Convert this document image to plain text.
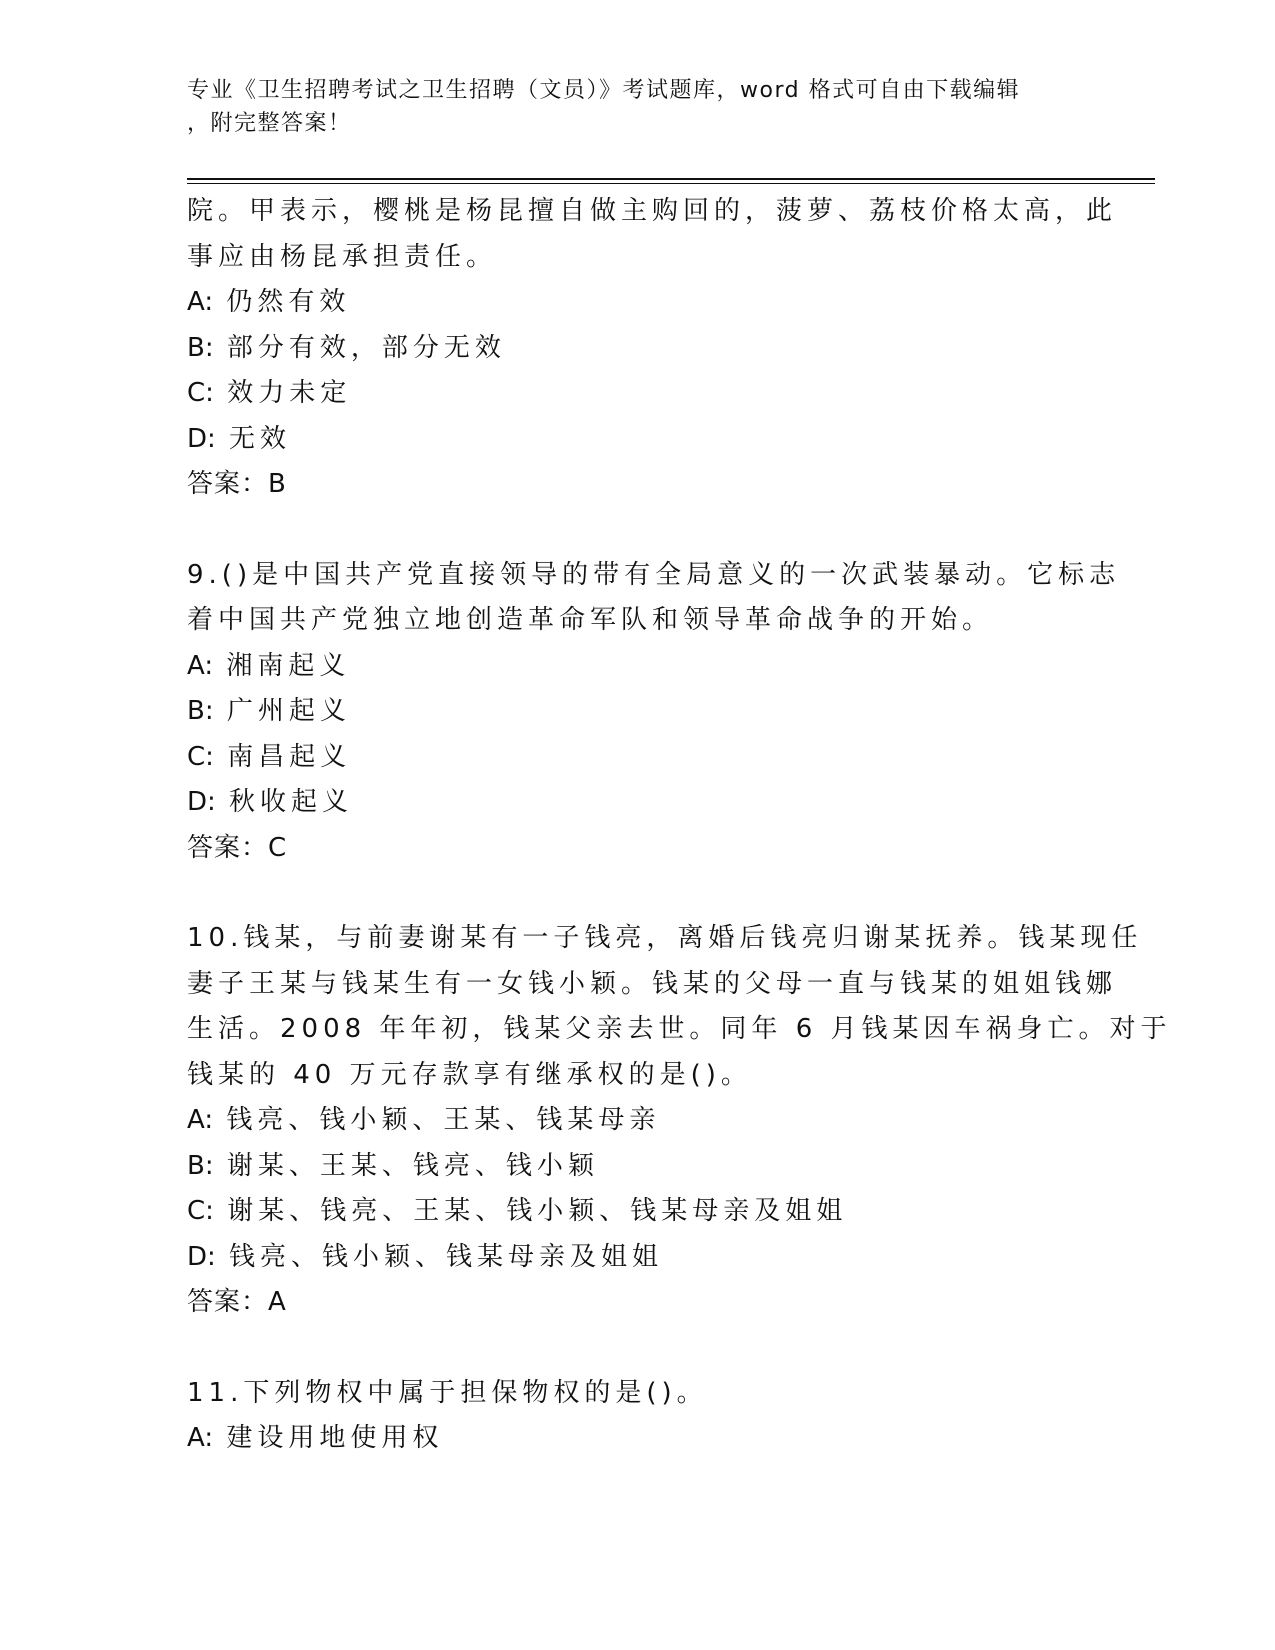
专业《卫生招聘考试之卫生招聘（文员）》考试题库，word 格式可自由下载编辑
，附完整答案！
院。甲表示，樱桃是杨昆擅自做主购回的，菠萝、荔枝价格太高，此
事应由杨昆承担责任。
A: 仍然有效
B: 部分有效，部分无效
C: 效力未定
D: 无效
答案：B
9.()是中国共产党直接领导的带有全局意义的一次武装暴动。它标志
着中国共产党独立地创造革命军队和领导革命战争的开始。
A: 湘南起义
B: 广州起义
C: 南昌起义
D: 秋收起义
答案：C
10.钱某，与前妻谢某有一子钱亮，离婚后钱亮归谢某抚养。钱某现任
妻子王某与钱某生有一女钱小颖。钱某的父母一直与钱某的姐姐钱娜
生活。2008 年年初，钱某父亲去世。同年 6 月钱某因车祸身亡。对于
钱某的 40 万元存款享有继承权的是()。
A: 钱亮、钱小颖、王某、钱某母亲
B: 谢某、王某、钱亮、钱小颖
C: 谢某、钱亮、王某、钱小颖、钱某母亲及姐姐
D: 钱亮、钱小颖、钱某母亲及姐姐
答案：A
11.下列物权中属于担保物权的是()。
A: 建设用地使用权
